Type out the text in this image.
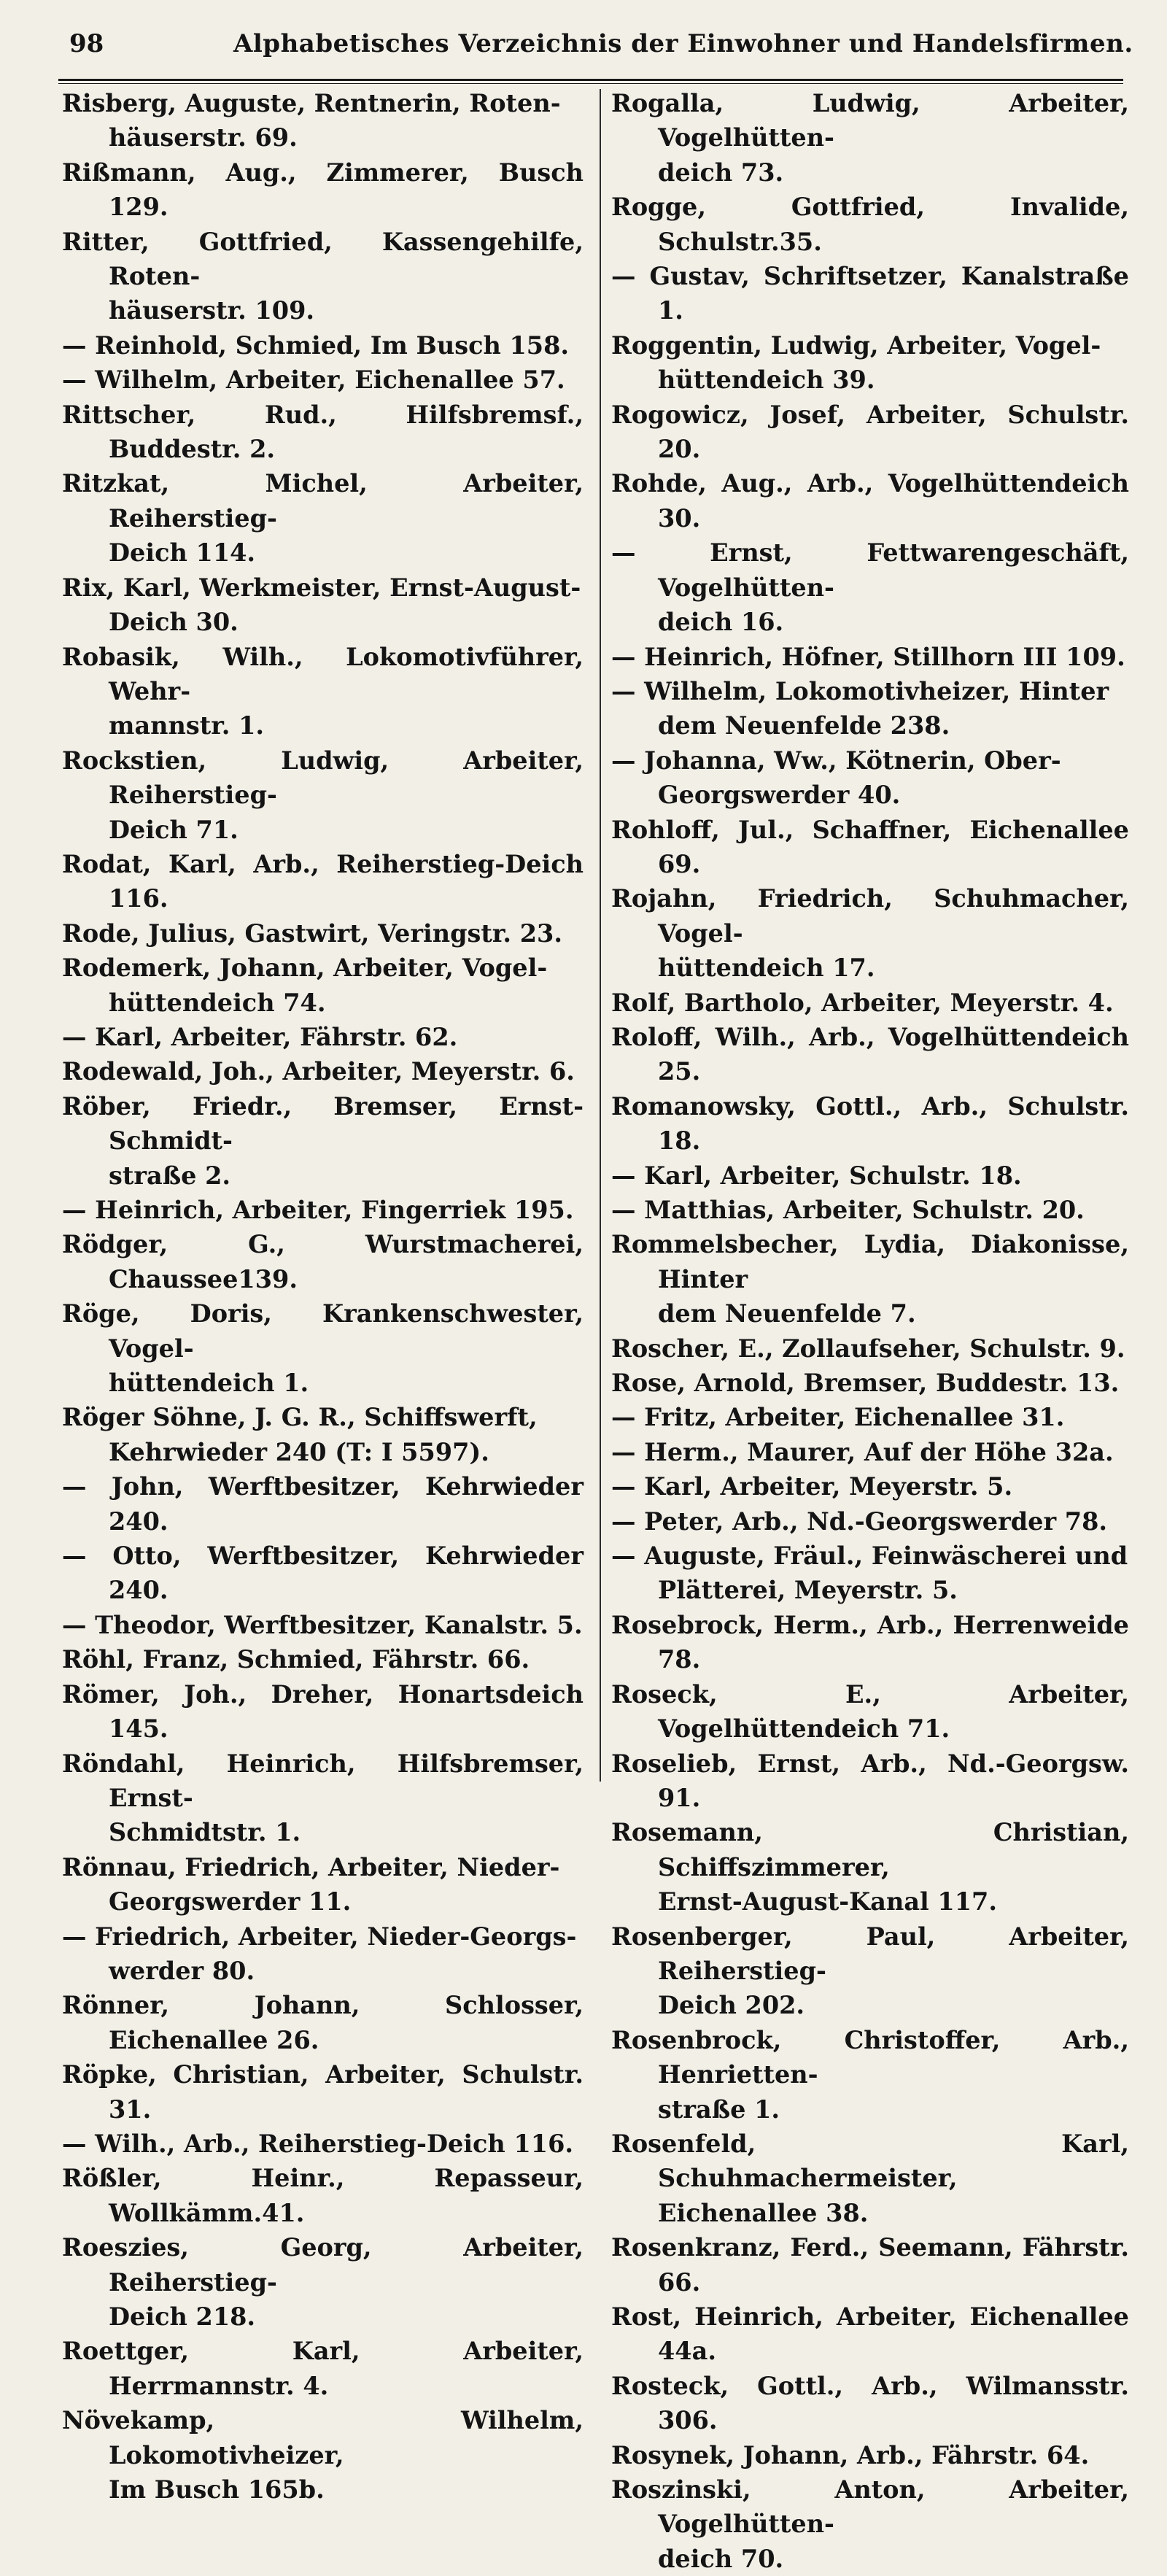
98	Alphabetisches Verzeichnis der Einwohner und Handelsfirmen.
Risberg, Auguste, Rentnerin, Roten-
häuserstr. 69.
Rißmann, Aug., Zimmerer, Busch 129.
Ritter, Gottfried, Kassengehilfe, Roten-
häuserstr. 109.
— Reinhold, Schmied, Im Busch 158.
— Wilhelm, Arbeiter, Eichenallee 57.
Rittscher, Rud., Hilfsbremsf., Buddestr. 2.
Ritzkat, Michel, Arbeiter, Reiherstieg-
Deich 114.
Rix, Karl, Werkmeister, Ernst-August-
Deich 30.
Robasik, Wilh., Lokomotivführer, Wehr-
mannstr. 1.
Rockstien, Ludwig, Arbeiter, Reiherstieg-
Deich 71.
Rodat, Karl, Arb., Reiherstieg-Deich 116.
Rode, Julius, Gastwirt, Veringstr. 23.
Rodemerk, Johann, Arbeiter, Vogel-
hüttendeich 74.
— Karl, Arbeiter, Fährstr. 62.
Rodewald, Joh., Arbeiter, Meyerstr. 6.
Röber, Friedr., Bremser, Ernst-Schmidt-
straße 2.
— Heinrich, Arbeiter, Fingerriek 195.
Rödger, G., Wurstmacherei, Chaussee139.
Röge, Doris, Krankenschwester, Vogel-
hüttendeich 1.
Röger Söhne, J. G. R., Schiffswerft,
Kehrwieder 240 (T: I 5597).
— John, Werftbesitzer, Kehrwieder 240.
— Otto, Werftbesitzer, Kehrwieder 240.
— Theodor, Werftbesitzer, Kanalstr. 5.
Röhl, Franz, Schmied, Fährstr. 66.
Römer, Joh., Dreher, Honartsdeich 145.
Röndahl, Heinrich, Hilfsbremser, Ernst-
Schmidtstr. 1.
Rönnau, Friedrich, Arbeiter, Nieder-
Georgswerder 11.
— Friedrich, Arbeiter, Nieder-Georgs-
werder 80.
Rönner, Johann, Schlosser, Eichenallee 26.
Röpke, Christian, Arbeiter, Schulstr. 31.
— Wilh., Arb., Reiherstieg-Deich 116.
Rößler, Heinr., Repasseur, Wollkämm.41.
Roeszies, Georg, Arbeiter, Reiherstieg-
Deich 218.
Roettger, Karl, Arbeiter, Herrmannstr. 4.
Növekamp, Wilhelm, Lokomotivheizer,
Im Busch 165b.
Rogalla, Ludwig, Arbeiter, Vogelhütten-
deich 73.
Rogge, Gottfried, Invalide, Schulstr.35.
— Gustav, Schriftsetzer, Kanalstraße 1.
Roggentin, Ludwig, Arbeiter, Vogel-
hüttendeich 39.
Rogowicz, Josef, Arbeiter, Schulstr. 20.
Rohde, Aug., Arb., Vogelhüttendeich 30.
— Ernst, Fettwarengeschäft, Vogelhütten-
deich 16.
— Heinrich, Höfner, Stillhorn III 109.
— Wilhelm, Lokomotivheizer, Hinter
dem Neuenfelde 238.
— Johanna, Ww., Kötnerin, Ober-
Georgswerder 40.
Rohloff, Jul., Schaffner, Eichenallee 69.
Rojahn, Friedrich, Schuhmacher, Vogel-
hüttendeich 17.
Rolf, Bartholo, Arbeiter, Meyerstr. 4.
Roloff, Wilh., Arb., Vogelhüttendeich 25.
Romanowsky, Gottl., Arb., Schulstr. 18.
— Karl, Arbeiter, Schulstr. 18.
— Matthias, Arbeiter, Schulstr. 20.
Rommelsbecher, Lydia, Diakonisse, Hinter
dem Neuenfelde 7.
Roscher, E., Zollaufseher, Schulstr. 9.
Rose, Arnold, Bremser, Buddestr. 13.
— Fritz, Arbeiter, Eichenallee 31.
— Herm., Maurer, Auf der Höhe 32a.
— Karl, Arbeiter, Meyerstr. 5.
— Peter, Arb., Nd.-Georgswerder 78.
— Auguste, Fräul., Feinwäscherei und
Plätterei, Meyerstr. 5.
Rosebrock, Herm., Arb., Herrenweide 78.
Roseck, E., Arbeiter, Vogelhüttendeich 71.
Roselieb, Ernst, Arb., Nd.-Georgsw. 91.
Rosemann, Christian, Schiffszimmerer,
Ernst-August-Kanal 117.
Rosenberger, Paul, Arbeiter, Reiherstieg-
Deich 202.
Rosenbrock, Christoffer, Arb., Henrietten-
straße 1.
Rosenfeld, Karl, Schuhmachermeister,
Eichenallee 38.
Rosenkranz, Ferd., Seemann, Fährstr. 66.
Rost, Heinrich, Arbeiter, Eichenallee 44a.
Rosteck, Gottl., Arb., Wilmansstr. 306.
Rosynek, Johann, Arb., Fährstr. 64.
Roszinski, Anton, Arbeiter, Vogelhütten-
deich 70.
